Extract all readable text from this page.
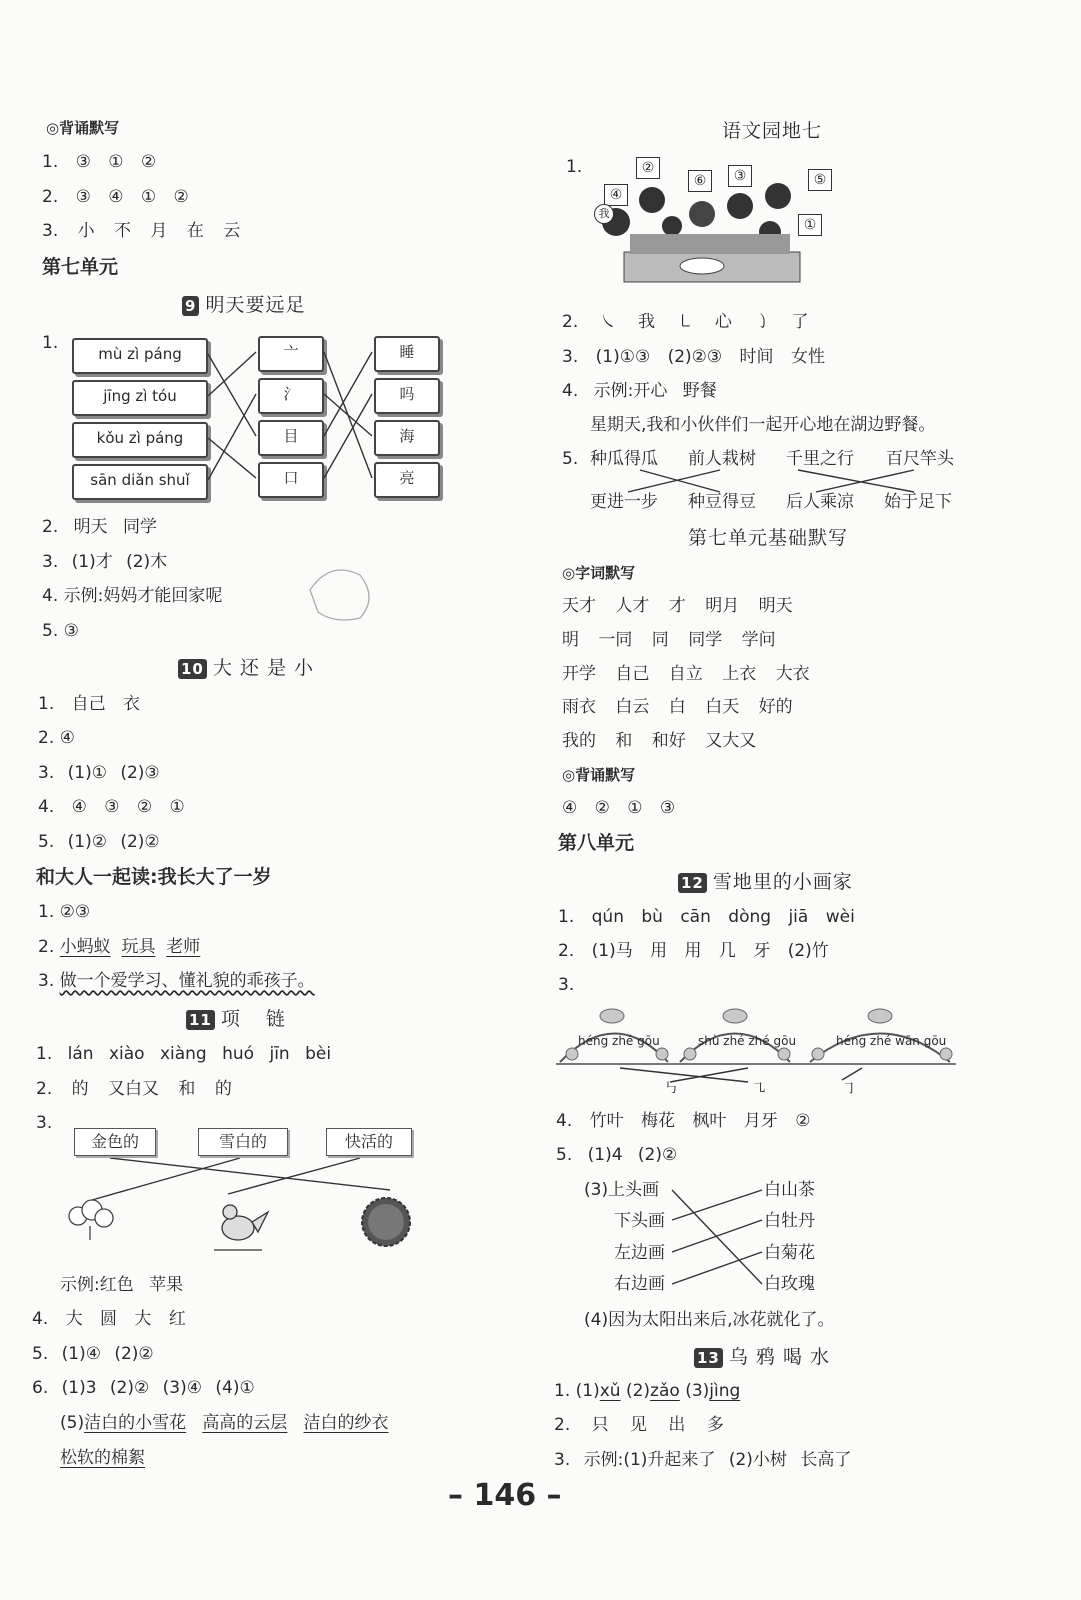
◎背诵默写
1. ③ ① ②
2. ③ ④ ① ②
3. 小 不 月 在 云
第七单元
9 明天要远足
1.
mù zì páng
jīng zì tóu
kǒu zì páng
sān diǎn shuǐ
亠
氵
目
口
睡
吗
海
亮
2. 明天 同学
3. (1)才 (2)木
4. 示例:妈妈才能回家呢
5. ③
10 大 还 是 小
1. 自己 衣
2. ④
3. (1)① (2)③
4. ④ ③ ② ①
5. (1)② (2)②
和大人一起读:我长大了一岁
1. ②③
2. 小蚂蚁 玩具 老师
3. 做一个爱学习、懂礼貌的乖孩子。
11 项 链
1. lán xiào xiàng huó jīn bèi
2. 的 又白又 和 的
3.
金色的	雪白的	快活的
示例:红色 苹果
4. 大 圆 大 红
5. (1)④ (2)②
6. (1)3 (2)② (3)④ (4)①
(5)洁白的小雪花 高高的云层 洁白的纱衣
松软的棉絮
语文园地七
1.	②
④
⑥	③	⑤
①
我
2. ㇏ 我 ㇄ 心 ㇁ 了
3. (1)①③ (2)②③ 时间 女性
4. 示例:开心 野餐
星期天,我和小伙伴们一起开心地在湖边野餐。
5. 种瓜得瓜 前人栽树 千里之行 百尺竿头
更进一步 种豆得豆 后人乘凉 始于足下
第七单元基础默写
◎字词默写
天才 人才 才 明月 明天
明 一同 同 同学 学问
开学 自己 自立 上衣 大衣
雨衣 白云 白 白天 好的
我的 和 和好 又大又
◎背诵默写
④ ② ① ③
第八单元
12 雪地里的小画家
1. qún bù cān dòng jiā wèi
2. (1)马 用 用 几 牙 (2)竹
3.
héng zhé gōu	shù zhé zhé gōu	héng zhé wān gōu
㇉	㇈	㇆
4. 竹叶 梅花 枫叶 月牙 ②
5. (1)4 (2)②
(3)上头画
下头画
左边画
右边画
白山茶
白牡丹
白菊花
白玫瑰
(4)因为太阳出来后,冰花就化了。
13 乌 鸦 喝 水
1. (1)xǔ (2)zǎo (3)jìng
2. 只 见 出 多
3. 示例:(1)升起来了 (2)小树 长高了
– 146 –
